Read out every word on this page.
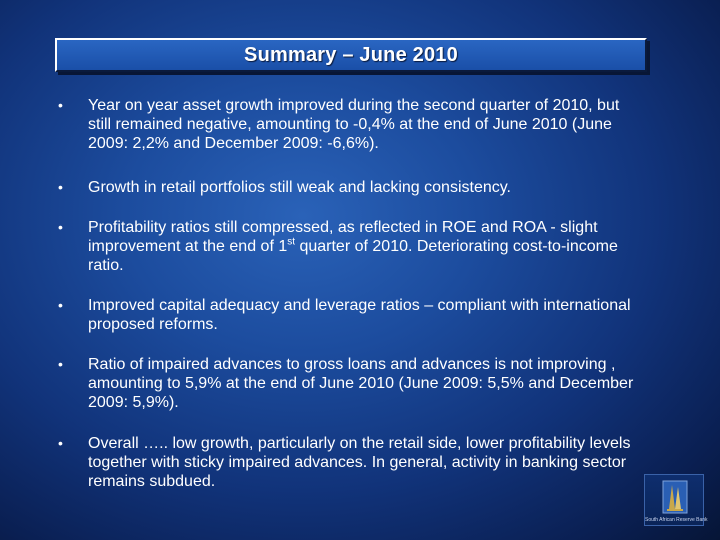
Summary – June 2010
•	Year on year asset growth improved during the second quarter of 2010, but still remained negative, amounting to -0,4% at the end of June 2010 (June 2009: 2,2% and December 2009: -6,6%).
•	Growth in retail portfolios still weak and lacking consistency.
•	Profitability ratios still compressed, as reflected in ROE and ROA - slight improvement at the end of 1st quarter of 2010. Deteriorating cost-to-income ratio.
•	Improved capital adequacy and leverage ratios – compliant with international proposed reforms.
•	Ratio of impaired advances to gross loans and advances is not improving , amounting to 5,9% at the end of June 2010 (June 2009: 5,5% and December 2009: 5,9%).
•	Overall ….. low growth, particularly on the retail side, lower profitability levels together with sticky impaired advances. In general, activity in banking sector remains subdued.
South African Reserve Bank
